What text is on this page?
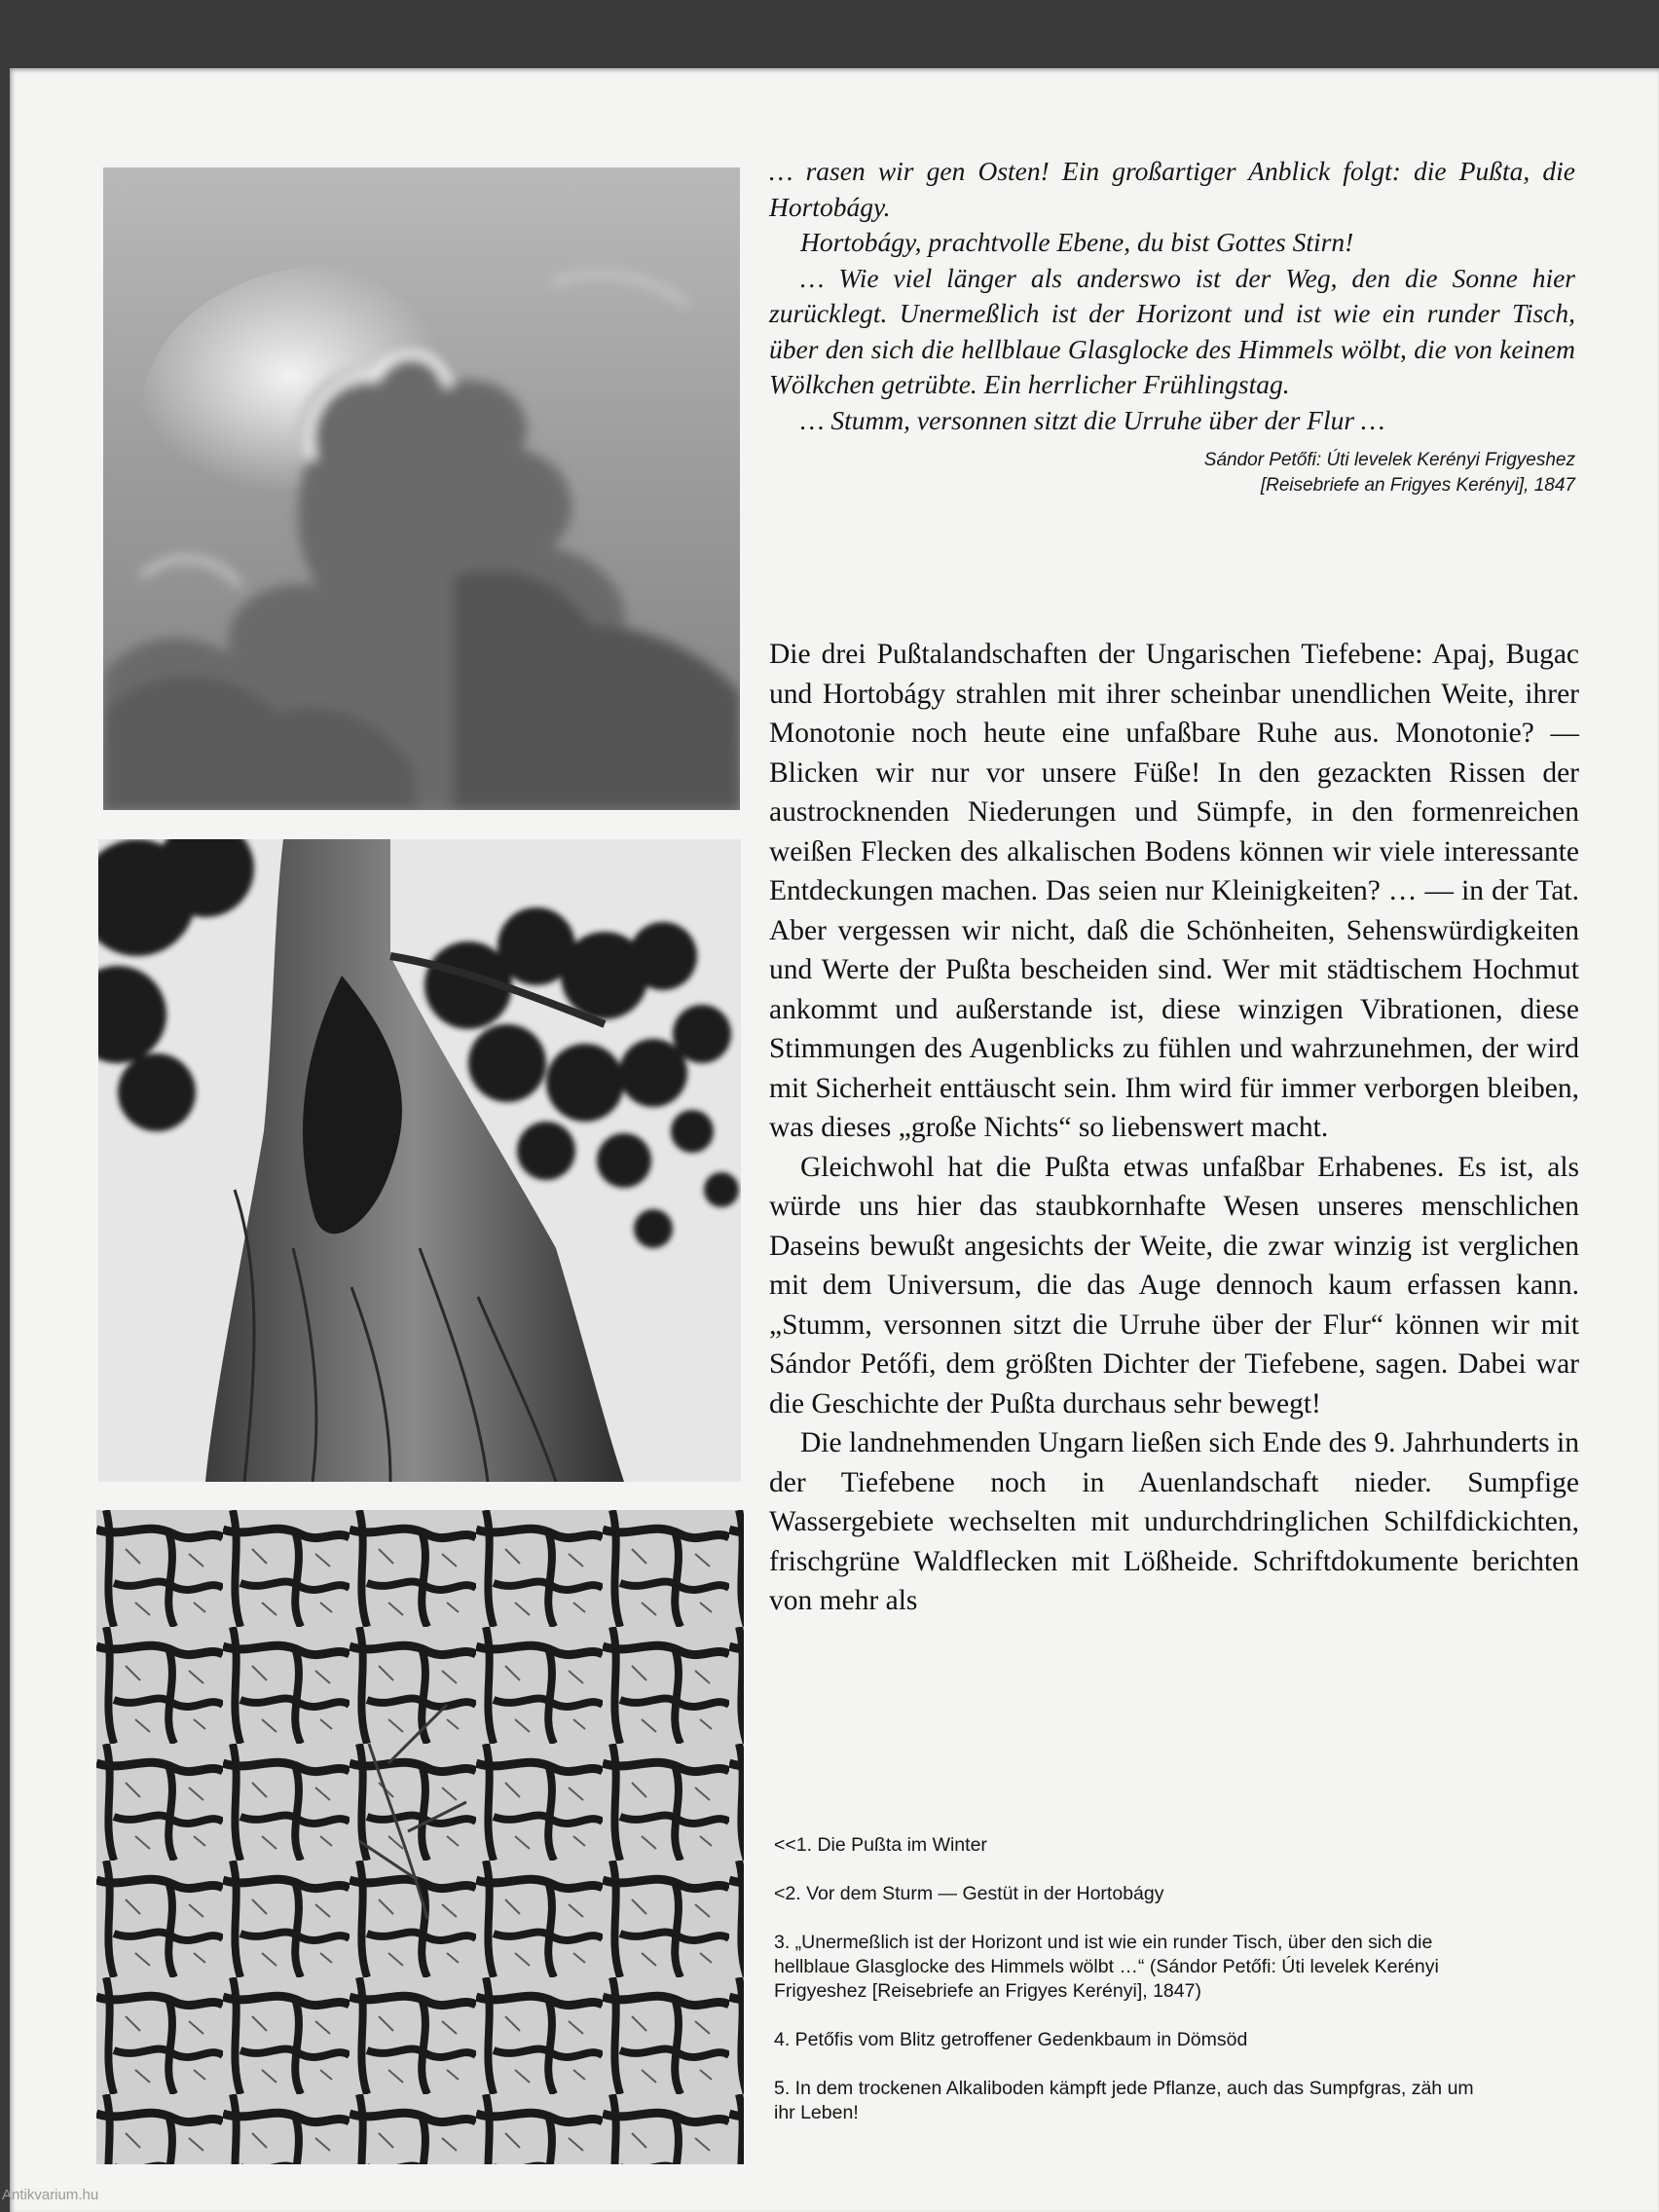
… rasen wir gen Osten! Ein großartiger Anblick folgt: die Pußta, die Hortobágy.

Hortobágy, prachtvolle Ebene, du bist Gottes Stirn!

… Wie viel länger als anderswo ist der Weg, den die Sonne hier zurücklegt. Unermeßlich ist der Horizont und ist wie ein runder Tisch, über den sich die hellblaue Glasglocke des Himmels wölbt, die von keinem Wölkchen getrübte. Ein herrlicher Frühlingstag.

… Stumm, versonnen sitzt die Urruhe über der Flur …

Sándor Petőfi: Úti levelek Kerényi Frigyeshez
[Reisebriefe an Frigyes Kerényi], 1847

Die drei Pußtalandschaften der Ungarischen Tiefebene: Apaj, Bugac und Hortobágy strahlen mit ihrer scheinbar unendlichen Weite, ihrer Monotonie noch heute eine unfaßbare Ruhe aus. Monotonie? — Blicken wir nur vor unsere Füße! In den gezackten Rissen der austrocknenden Niederungen und Sümpfe, in den formenreichen weißen Flecken des alkalischen Bodens können wir viele interessante Entdeckungen machen. Das seien nur Kleinigkeiten? … — in der Tat. Aber vergessen wir nicht, daß die Schönheiten, Sehenswürdigkeiten und Werte der Pußta bescheiden sind. Wer mit städtischem Hochmut ankommt und außerstande ist, diese winzigen Vibrationen, diese Stimmungen des Augenblicks zu fühlen und wahrzunehmen, der wird mit Sicherheit enttäuscht sein. Ihm wird für immer verborgen bleiben, was dieses „große Nichts“ so liebenswert macht.

Gleichwohl hat die Pußta etwas unfaßbar Erhabenes. Es ist, als würde uns hier das staubkornhafte Wesen unseres menschlichen Daseins bewußt angesichts der Weite, die zwar winzig ist verglichen mit dem Universum, die das Auge dennoch kaum erfassen kann. „Stumm, versonnen sitzt die Urruhe über der Flur“ können wir mit Sándor Petőfi, dem größten Dichter der Tiefebene, sagen. Dabei war die Geschichte der Pußta durchaus sehr bewegt!

Die landnehmenden Ungarn ließen sich Ende des 9. Jahrhunderts in der Tiefebene noch in Auenlandschaft nieder. Sumpfige Wassergebiete wechselten mit undurchdringlichen Schilfdickichten, frischgrüne Waldflecken mit Lößheide. Schriftdokumente berichten von mehr als

<<1. Die Pußta im Winter

<2. Vor dem Sturm — Gestüt in der Hortobágy

3. „Unermeßlich ist der Horizont und ist wie ein runder Tisch, über den sich die hellblaue Glasglocke des Himmels wölbt …“ (Sándor Petőfi: Úti levelek Kerényi Frigyeshez [Reisebriefe an Frigyes Kerényi], 1847)

4. Petőfis vom Blitz getroffener Gedenkbaum in Dömsöd

5. In dem trockenen Alkaliboden kämpft jede Pflanze, auch das Sumpfgras, zäh um ihr Leben!

Antikvarium.hu
